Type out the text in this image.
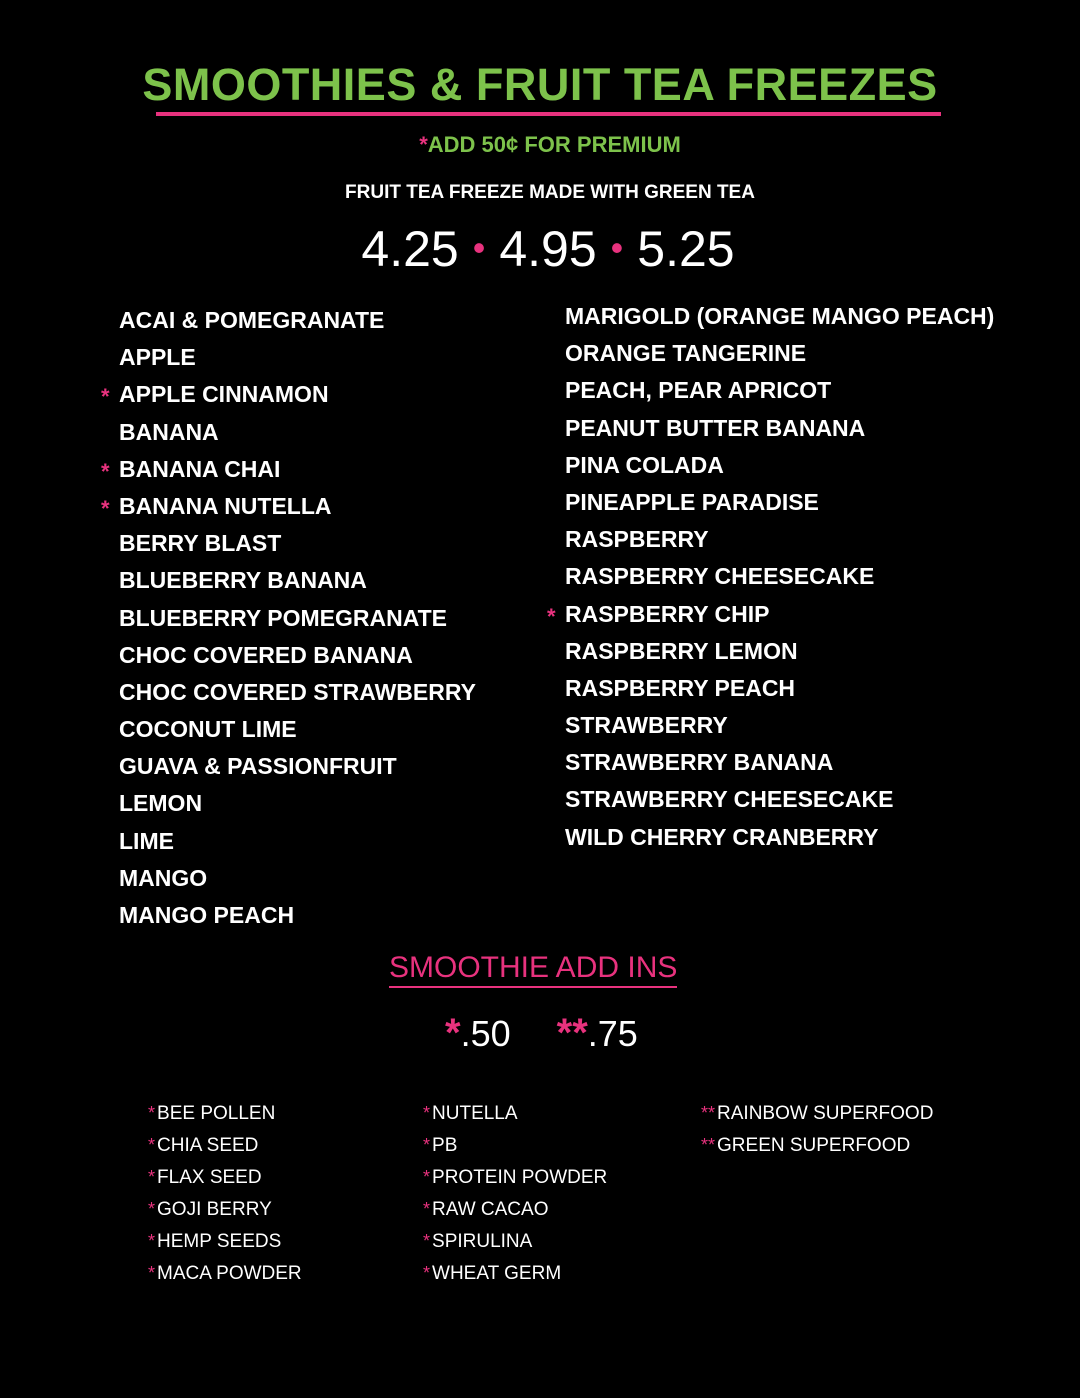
SMOOTHIES & FRUIT TEA FREEZES
*ADD 50¢ FOR PREMIUM
FRUIT TEA FREEZE MADE WITH GREEN TEA
4.25 • 4.95 • 5.25
ACAI & POMEGRANATE
APPLE
* APPLE CINNAMON
BANANA
* BANANA CHAI
* BANANA NUTELLA
BERRY BLAST
BLUEBERRY BANANA
BLUEBERRY POMEGRANATE
CHOC COVERED BANANA
CHOC COVERED STRAWBERRY
COCONUT LIME
GUAVA & PASSIONFRUIT
LEMON
LIME
MANGO
MANGO PEACH
MARIGOLD (ORANGE MANGO PEACH)
ORANGE TANGERINE
PEACH, PEAR APRICOT
PEANUT BUTTER BANANA
PINA COLADA
PINEAPPLE PARADISE
RASPBERRY
RASPBERRY CHEESECAKE
* RASPBERRY CHIP
RASPBERRY LEMON
RASPBERRY PEACH
STRAWBERRY
STRAWBERRY BANANA
STRAWBERRY CHEESECAKE
WILD CHERRY CRANBERRY
SMOOTHIE ADD INS
*.50 **.75
* BEE POLLEN
* CHIA SEED
* FLAX SEED
* GOJI BERRY
* HEMP SEEDS
* MACA POWDER
* NUTELLA
* PB
* PROTEIN POWDER
* RAW CACAO
* SPIRULINA
* WHEAT GERM
** RAINBOW SUPERFOOD
** GREEN SUPERFOOD
